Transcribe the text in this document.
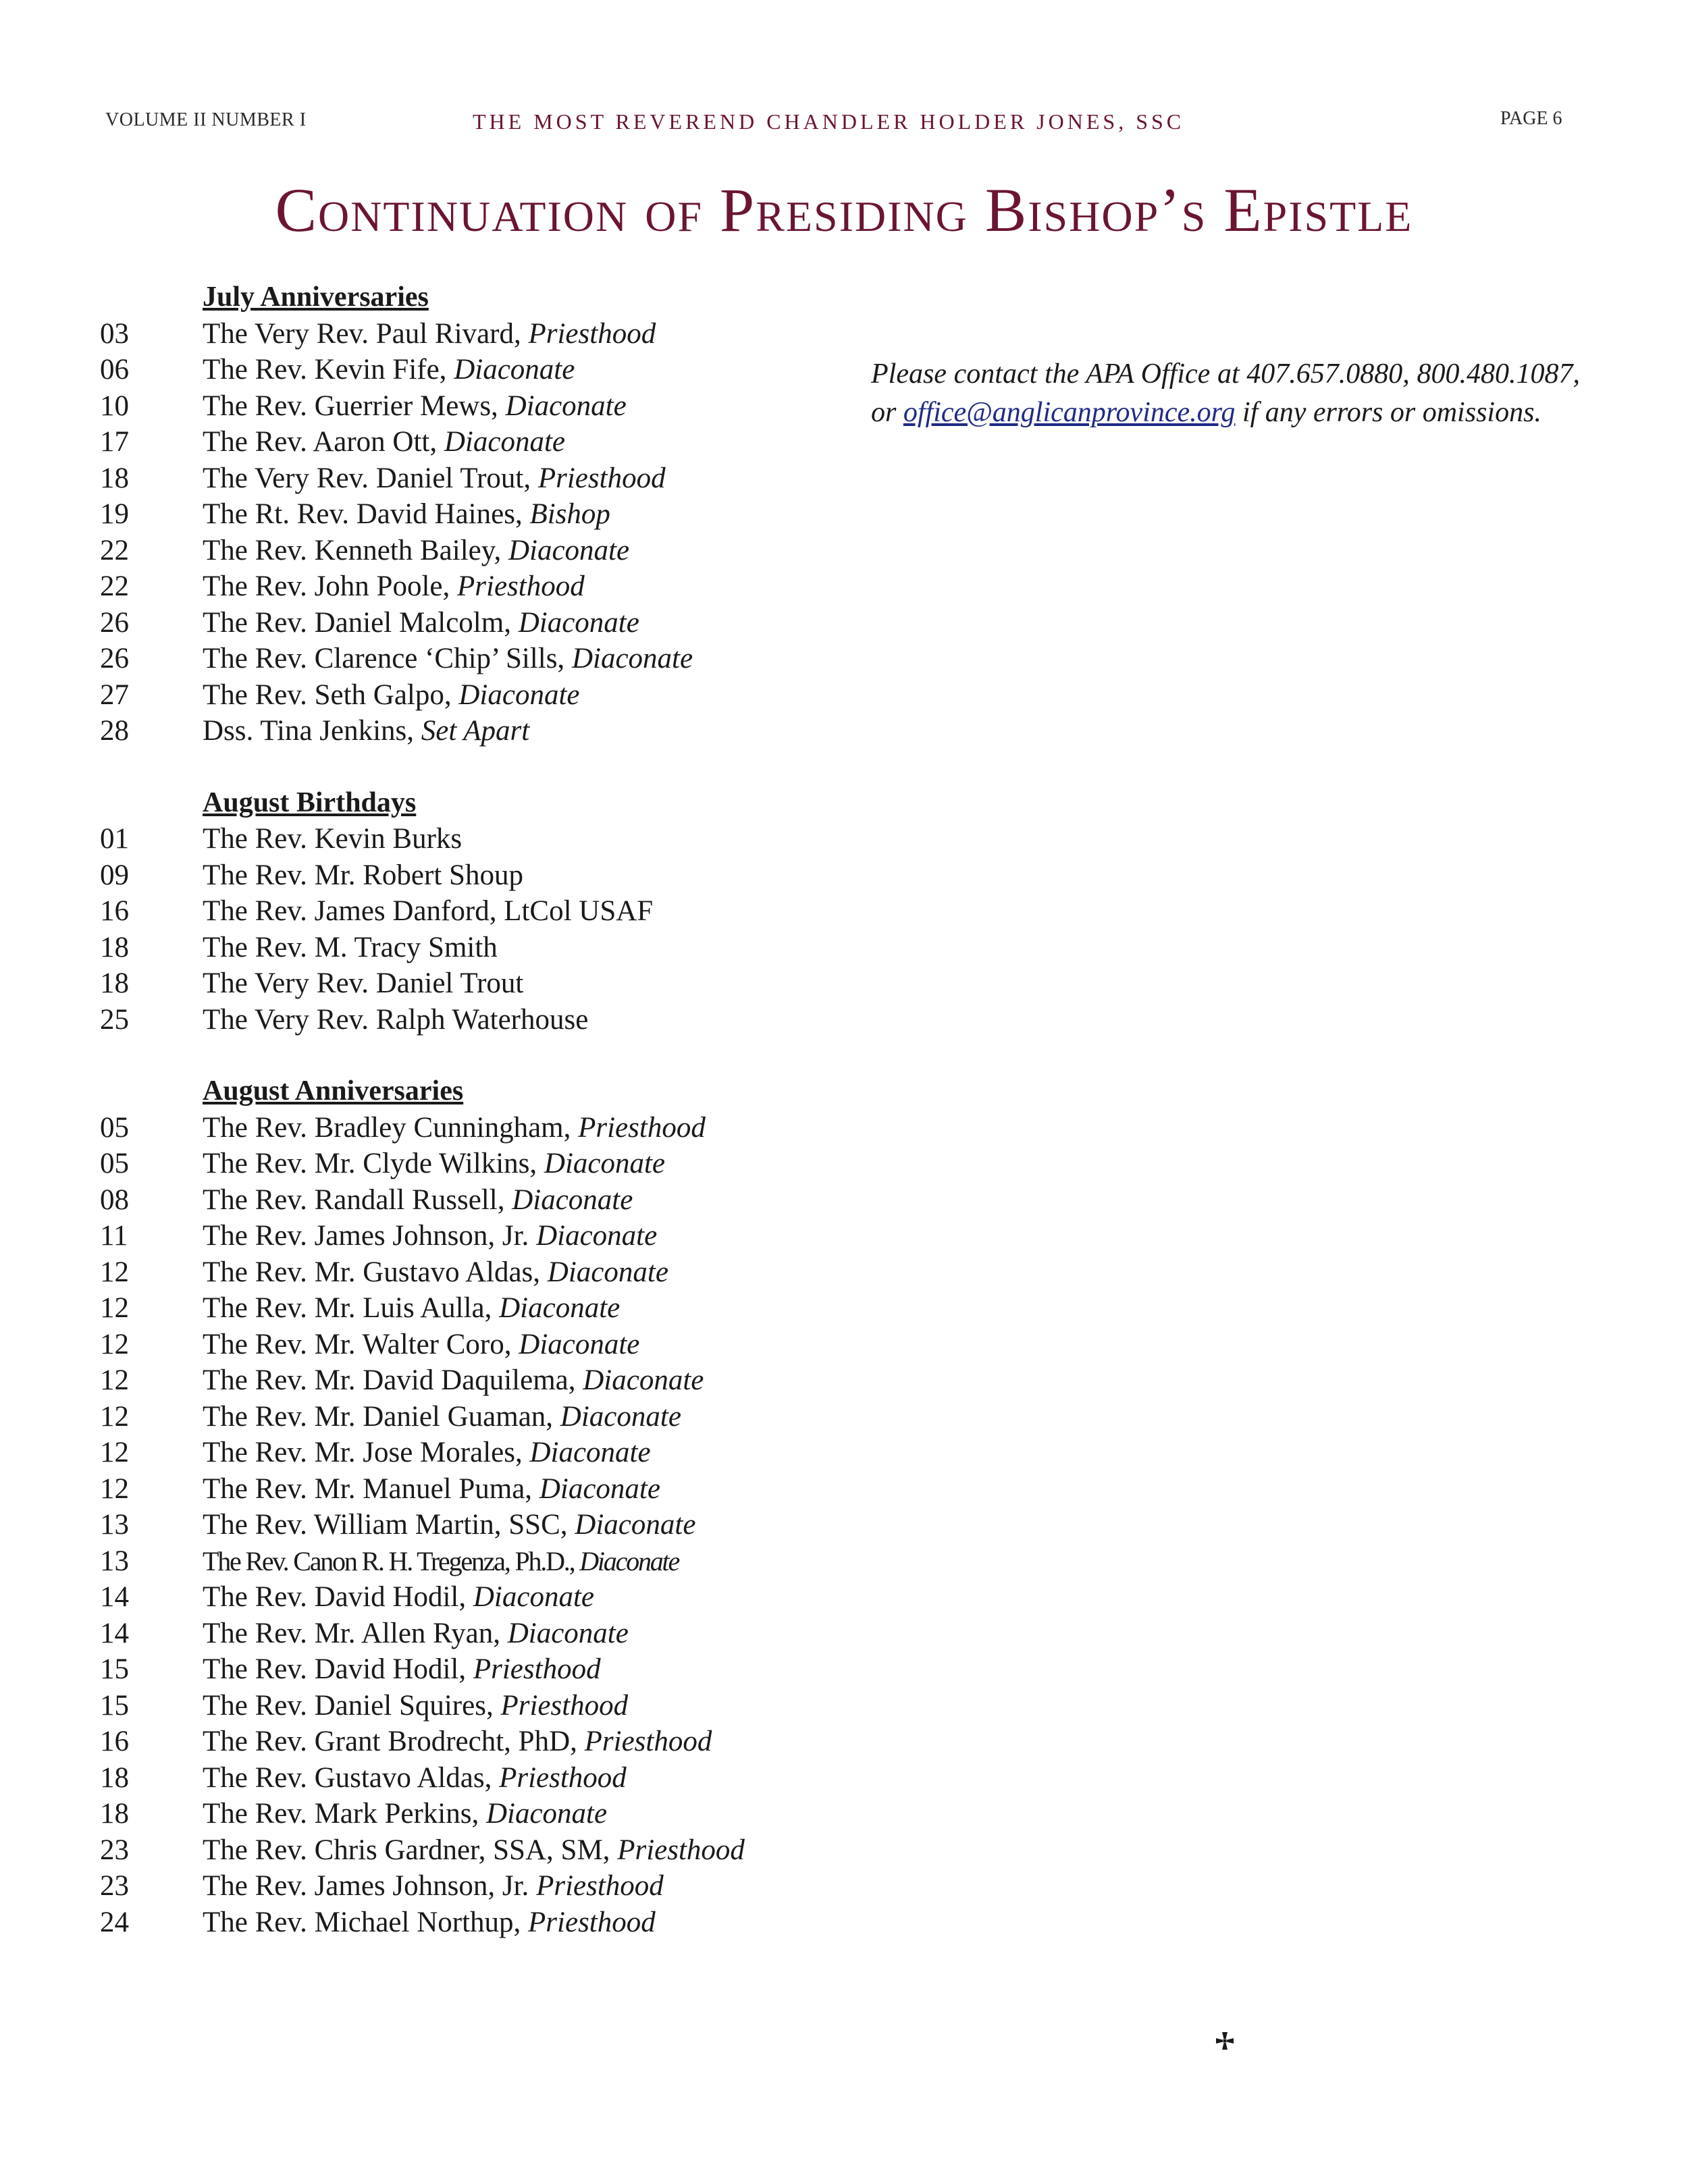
VOLUME II NUMBER I	THE MOST REVEREND CHANDLER HOLDER JONES, SSC	PAGE 6
Continuation of Presiding Bishop’s Epistle
July Anniversaries
03	The Very Rev. Paul Rivard, Priesthood
06	The Rev. Kevin Fife, Diaconate
10	The Rev. Guerrier Mews, Diaconate
17	The Rev. Aaron Ott, Diaconate
18	The Very Rev. Daniel Trout, Priesthood
19	The Rt. Rev. David Haines, Bishop
22	The Rev. Kenneth Bailey, Diaconate
22	The Rev. John Poole, Priesthood
26	The Rev. Daniel Malcolm, Diaconate
26	The Rev. Clarence ‘Chip’ Sills, Diaconate
27	The Rev. Seth Galpo, Diaconate
28	Dss. Tina Jenkins, Set Apart
August Birthdays
01	The Rev. Kevin Burks
09	The Rev. Mr. Robert Shoup
16	The Rev. James Danford, LtCol USAF
18	The Rev. M. Tracy Smith
18	The Very Rev. Daniel Trout
25	The Very Rev. Ralph Waterhouse
August Anniversaries
05	The Rev. Bradley Cunningham, Priesthood
05	The Rev. Mr. Clyde Wilkins, Diaconate
08	The Rev. Randall Russell, Diaconate
11	The Rev. James Johnson, Jr. Diaconate
12	The Rev. Mr. Gustavo Aldas, Diaconate
12	The Rev. Mr. Luis Aulla, Diaconate
12	The Rev. Mr. Walter Coro, Diaconate
12	The Rev. Mr. David Daquilema, Diaconate
12	The Rev. Mr. Daniel Guaman, Diaconate
12	The Rev. Mr. Jose Morales, Diaconate
12	The Rev. Mr. Manuel Puma, Diaconate
13	The Rev. William Martin, SSC, Diaconate
13	The Rev. Canon R. H. Tregenza, Ph.D., Diaconate
14	The Rev. David Hodil, Diaconate
14	The Rev. Mr. Allen Ryan, Diaconate
15	The Rev. David Hodil, Priesthood
15	The Rev. Daniel Squires, Priesthood
16	The Rev. Grant Brodrecht, PhD, Priesthood
18	The Rev. Gustavo Aldas, Priesthood
18	The Rev. Mark Perkins, Diaconate
23	The Rev. Chris Gardner, SSA, SM, Priesthood
23	The Rev. James Johnson, Jr. Priesthood
24	The Rev. Michael Northup, Priesthood
Please contact the APA Office at 407.657.0880, 800.480.1087, or office@anglicanprovince.org if any errors or omissions.
